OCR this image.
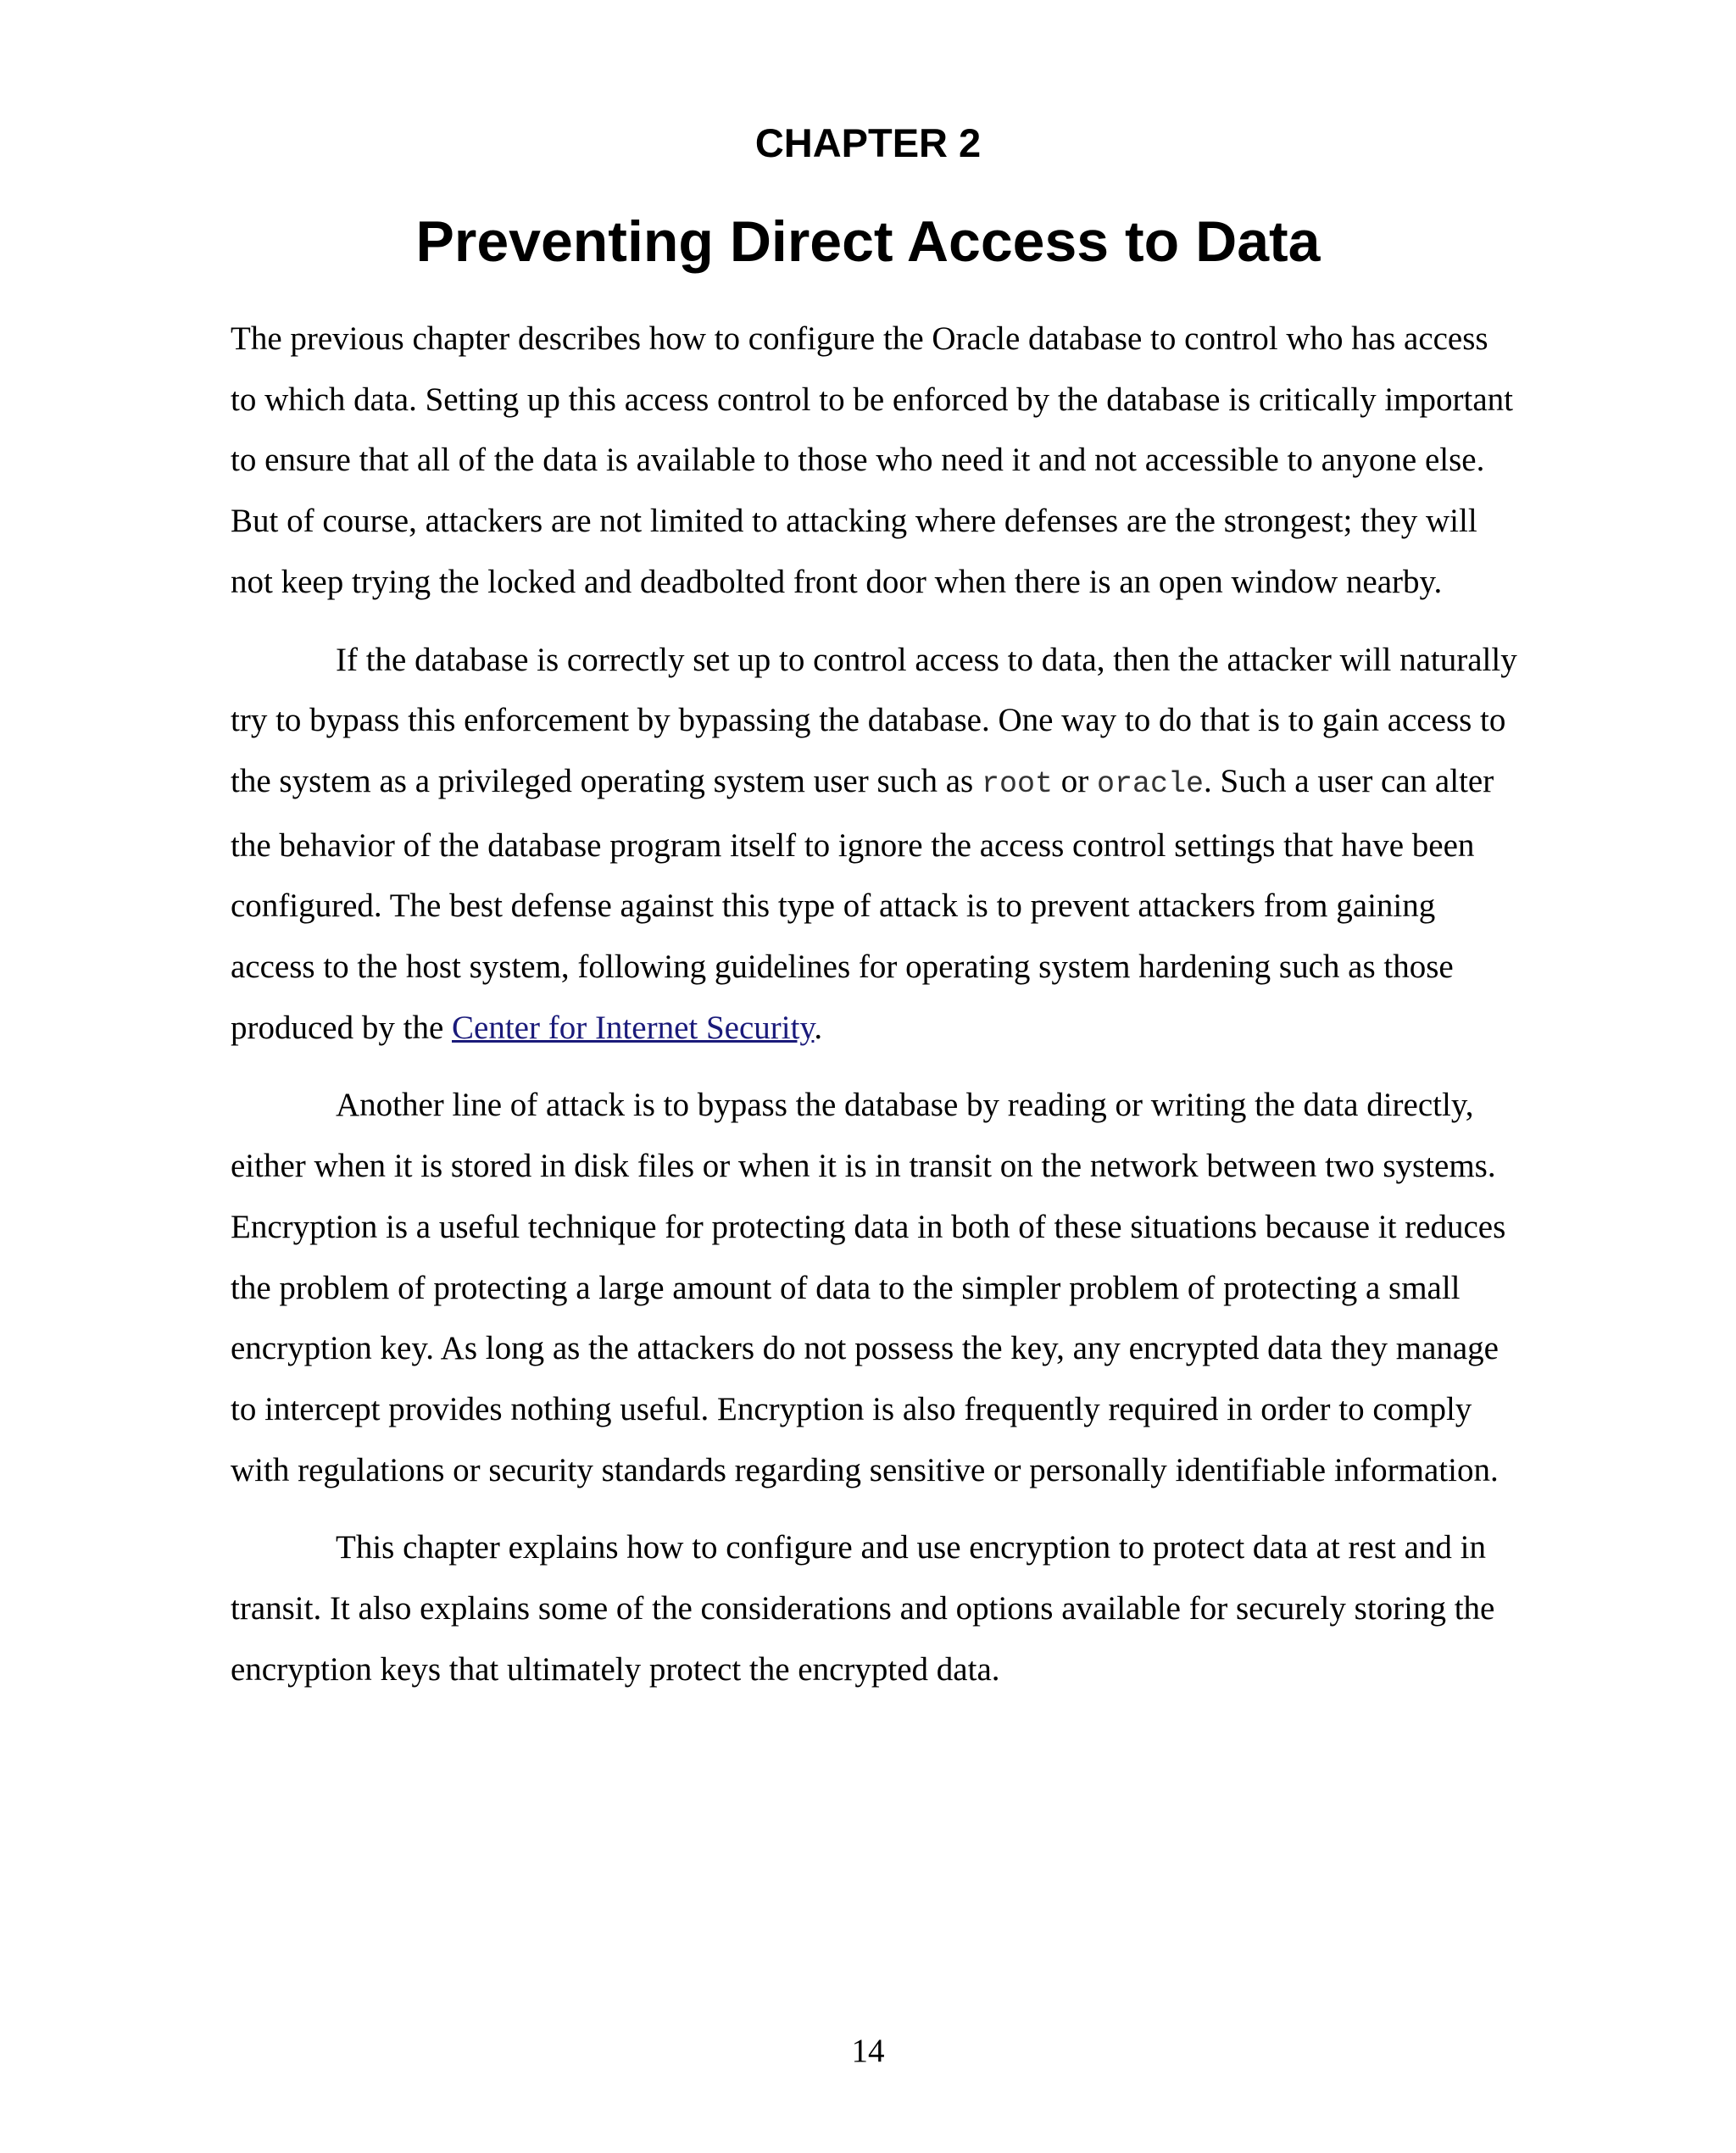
CHAPTER 2
Preventing Direct Access to Data

The previous chapter describes how to configure the Oracle database to control who has access to which data. Setting up this access control to be enforced by the database is critically important to ensure that all of the data is available to those who need it and not accessible to anyone else. But of course, attackers are not limited to attacking where defenses are the strongest; they will not keep trying the locked and deadbolted front door when there is an open window nearby.

If the database is correctly set up to control access to data, then the attacker will naturally try to bypass this enforcement by bypassing the database. One way to do that is to gain access to the system as a privileged operating system user such as root or oracle. Such a user can alter the behavior of the database program itself to ignore the access control settings that have been configured. The best defense against this type of attack is to prevent attackers from gaining access to the host system, following guidelines for operating system hardening such as those produced by the Center for Internet Security.

Another line of attack is to bypass the database by reading or writing the data directly, either when it is stored in disk files or when it is in transit on the network between two systems. Encryption is a useful technique for protecting data in both of these situations because it reduces the problem of protecting a large amount of data to the simpler problem of protecting a small encryption key. As long as the attackers do not possess the key, any encrypted data they manage to intercept provides nothing useful. Encryption is also frequently required in order to comply with regulations or security standards regarding sensitive or personally identifiable information.

This chapter explains how to configure and use encryption to protect data at rest and in transit. It also explains some of the considerations and options available for securely storing the encryption keys that ultimately protect the encrypted data.

14
